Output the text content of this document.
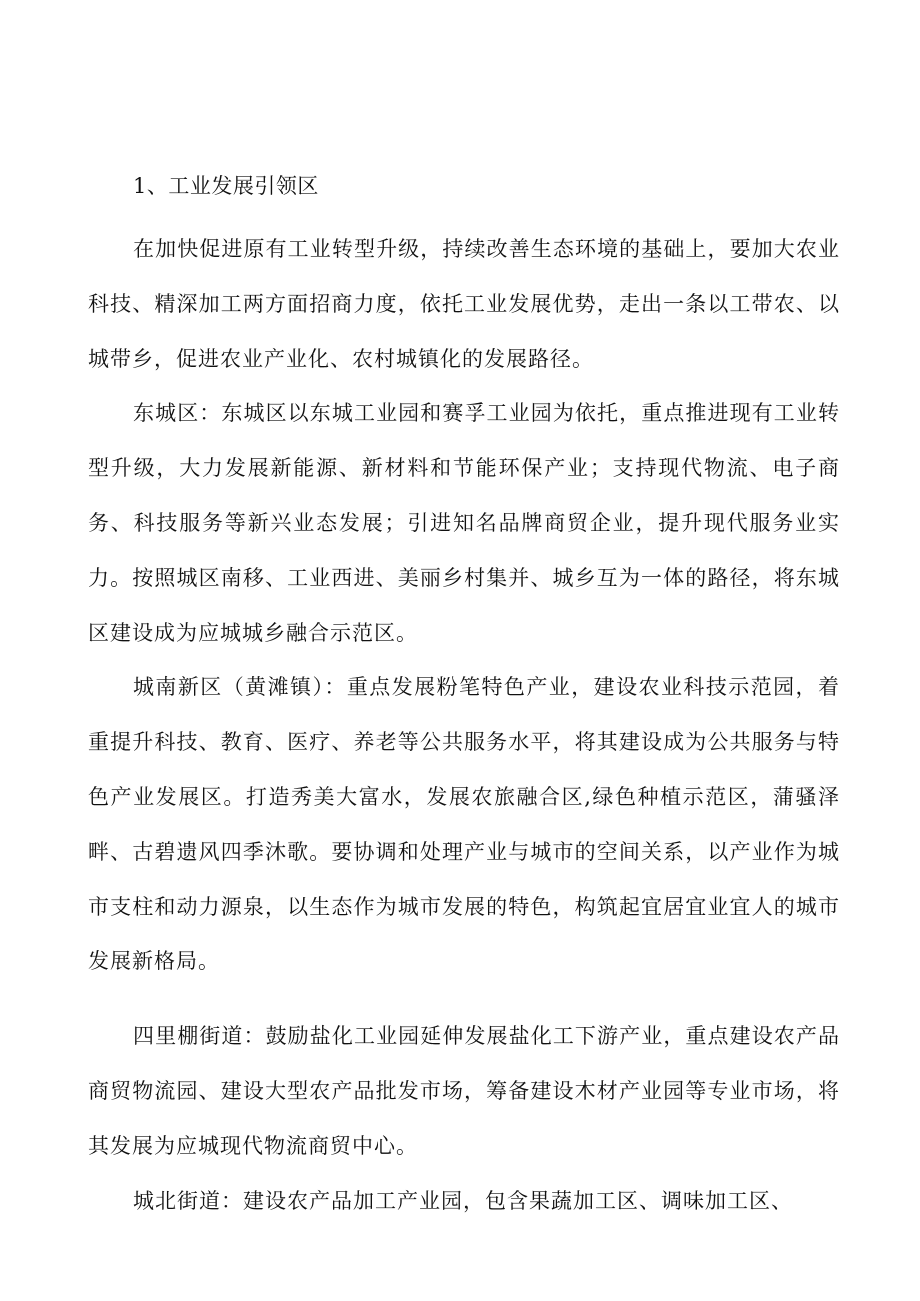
1、工业发展引领区

在加快促进原有工业转型升级，持续改善生态环境的基础上，要加大农业科技、精深加工两方面招商力度，依托工业发展优势，走出一条以工带农、以城带乡，促进农业产业化、农村城镇化的发展路径。

东城区：东城区以东城工业园和赛孚工业园为依托，重点推进现有工业转型升级，大力发展新能源、新材料和节能环保产业；支持现代物流、电子商务、科技服务等新兴业态发展；引进知名品牌商贸企业，提升现代服务业实力。按照城区南移、工业西进、美丽乡村集并、城乡互为一体的路径，将东城区建设成为应城城乡融合示范区。

城南新区（黄滩镇）：重点发展粉笔特色产业，建设农业科技示范园，着重提升科技、教育、医疗、养老等公共服务水平，将其建设成为公共服务与特色产业发展区。打造秀美大富水，发展农旅融合区,绿色种植示范区，蒲骚泽畔、古碧遗风四季沐歌。要协调和处理产业与城市的空间关系，以产业作为城市支柱和动力源泉，以生态作为城市发展的特色，构筑起宜居宜业宜人的城市发展新格局。

四里棚街道：鼓励盐化工业园延伸发展盐化工下游产业，重点建设农产品商贸物流园、建设大型农产品批发市场，筹备建设木材产业园等专业市场，将其发展为应城现代物流商贸中心。

城北街道：建设农产品加工产业园，包含果蔬加工区、调味加工区、
